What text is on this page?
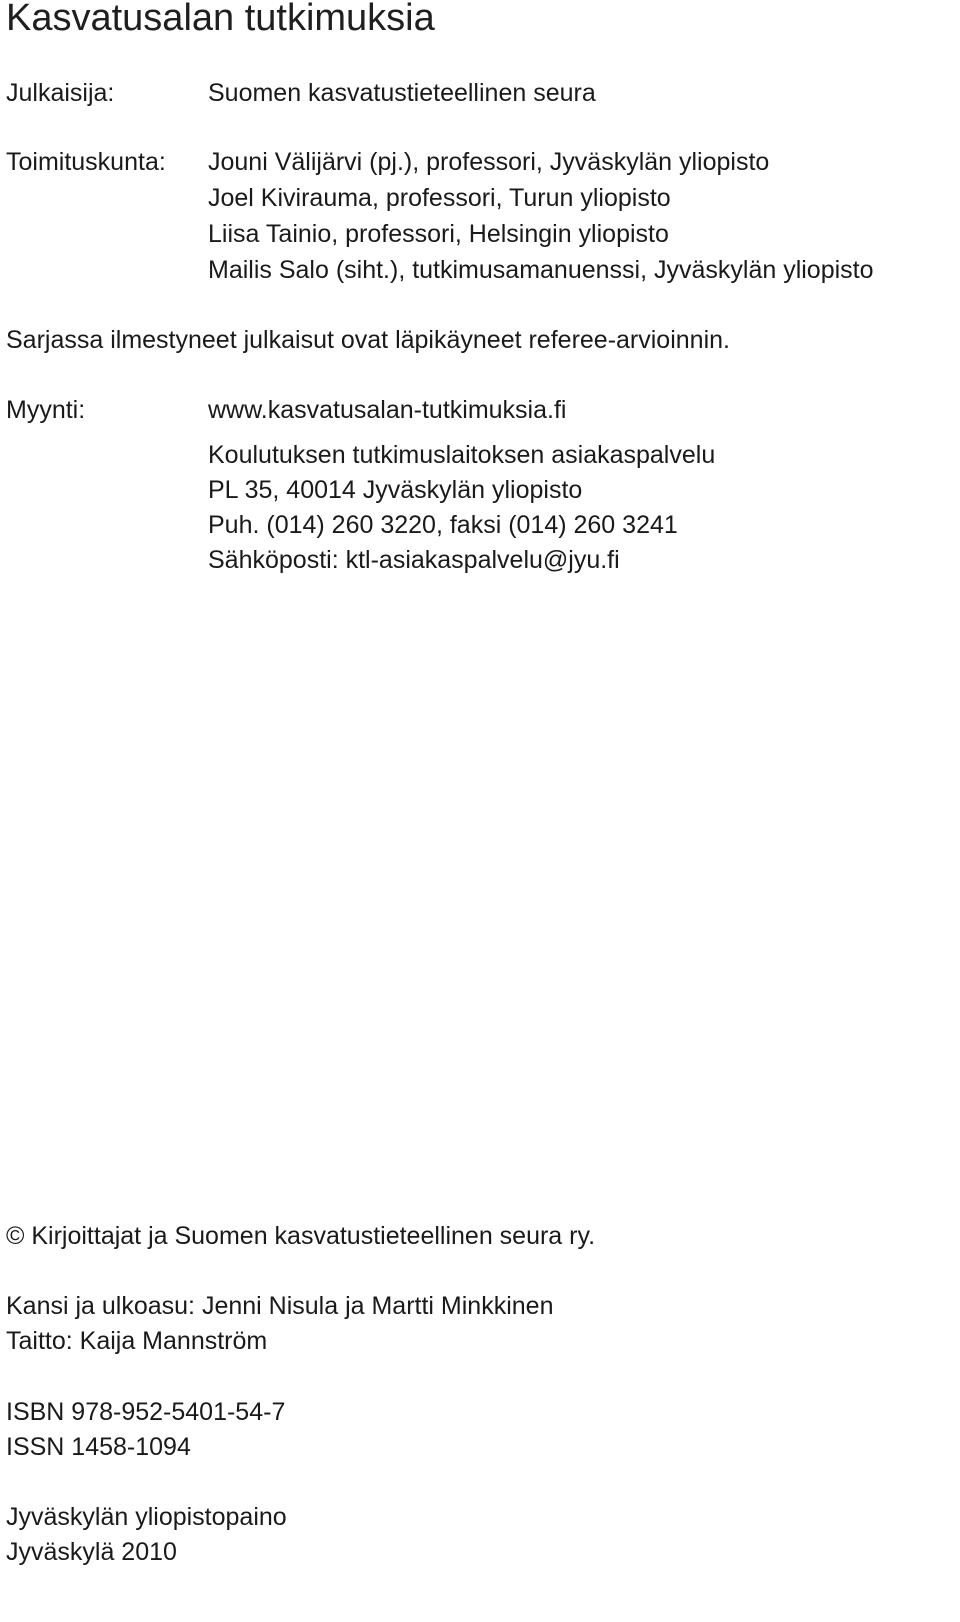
Kasvatusalan tutkimuksia
Julkaisija:	Suomen kasvatustieteellinen seura
Toimituskunta: Jouni Välijärvi (pj.), professori, Jyväskylän yliopisto
Joel Kivirauma, professori, Turun yliopisto
Liisa Tainio, professori, Helsingin yliopisto
Mailis Salo (siht.), tutkimusamanuenssi, Jyväskylän yliopisto
Sarjassa ilmestyneet julkaisut ovat läpikäyneet referee-arvioinnin.
Myynti:	www.kasvatusalan-tutkimuksia.fi
Koulutuksen tutkimuslaitoksen asiakaspalvelu
PL 35, 40014 Jyväskylän yliopisto
Puh. (014) 260 3220, faksi (014) 260 3241
Sähköposti: ktl-asiakaspalvelu@jyu.fi
© Kirjoittajat ja Suomen kasvatustieteellinen seura ry.
Kansi ja ulkoasu: Jenni Nisula ja Martti Minkkinen
Taitto: Kaija Mannström
ISBN 978-952-5401-54-7
ISSN 1458-1094
Jyväskylän yliopistopaino
Jyväskylä 2010
